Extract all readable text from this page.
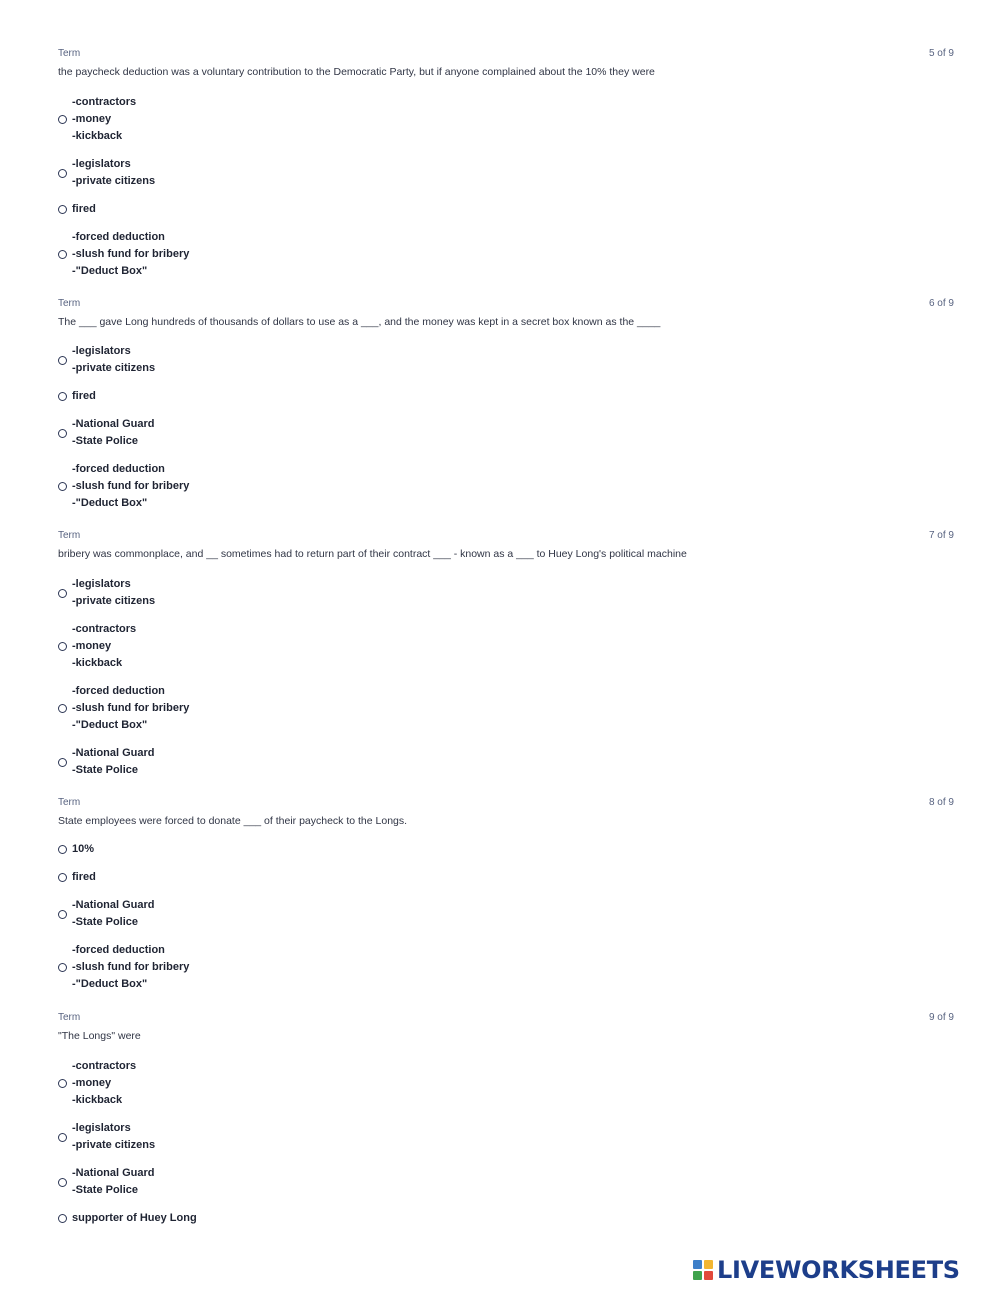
Term	5 of 9
the paycheck deduction was a voluntary contribution to the Democratic Party, but if anyone complained about the 10% they were
-contractors
-money
-kickback
-legislators
-private citizens
fired
-forced deduction
-slush fund for bribery
-"Deduct Box"
Term	6 of 9
The ___ gave Long hundreds of thousands of dollars to use as a ___, and the money was kept in a secret box known as the ____
-legislators
-private citizens
fired
-National Guard
-State Police
-forced deduction
-slush fund for bribery
-"Deduct Box"
Term	7 of 9
bribery was commonplace, and __ sometimes had to return part of their contract ___ - known as a ___ to Huey Long's political machine
-legislators
-private citizens
-contractors
-money
-kickback
-forced deduction
-slush fund for bribery
-"Deduct Box"
-National Guard
-State Police
Term	8 of 9
State employees were forced to donate ___ of their paycheck to the Longs.
10%
fired
-National Guard
-State Police
-forced deduction
-slush fund for bribery
-"Deduct Box"
Term	9 of 9
"The Longs" were
-contractors
-money
-kickback
-legislators
-private citizens
-National Guard
-State Police
supporter of Huey Long
LIVEWORKSHEETS
